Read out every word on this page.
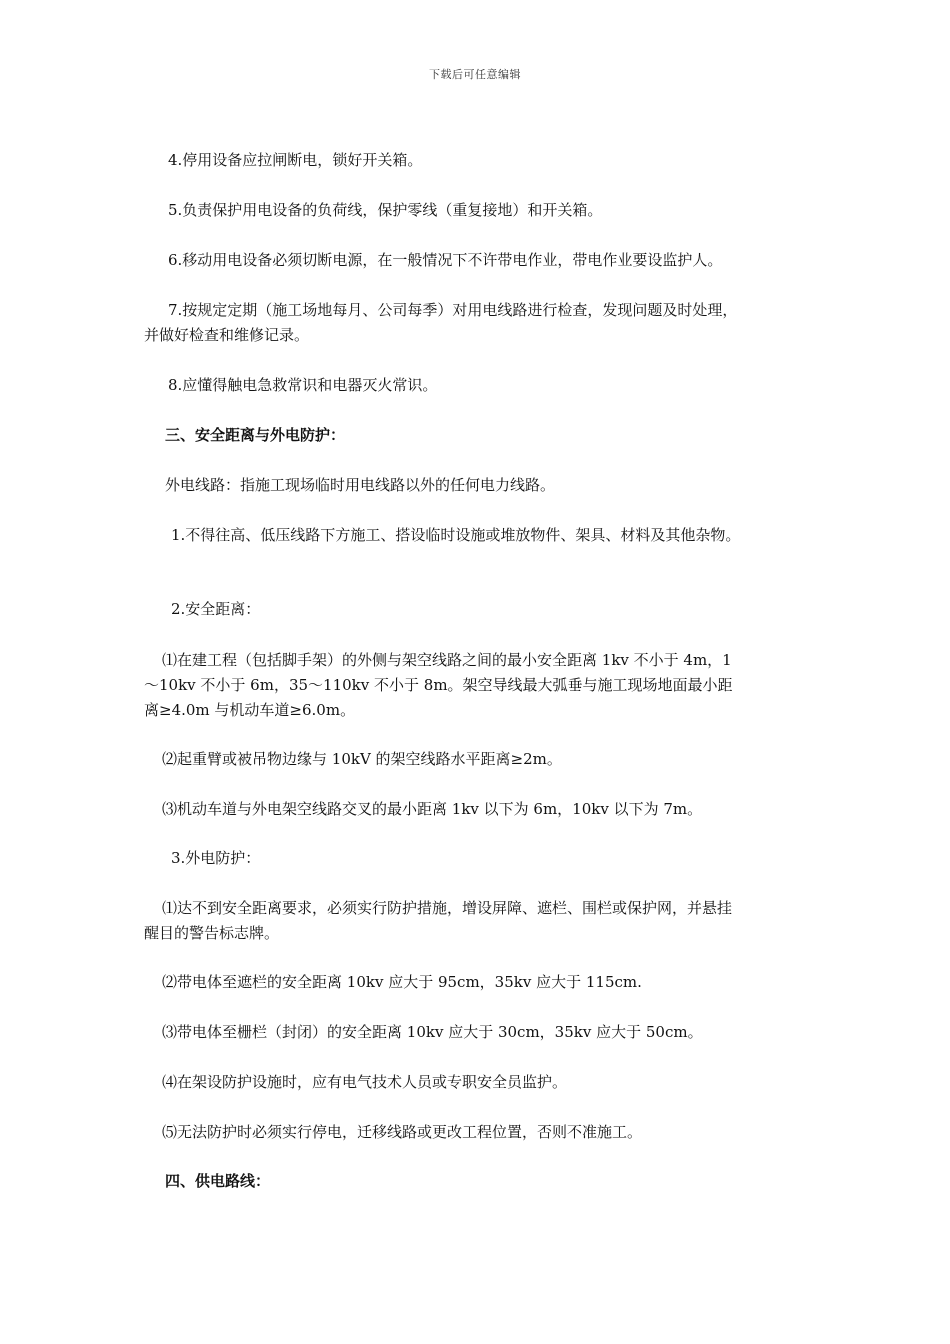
下载后可任意编辑
4.停用设备应拉闸断电，锁好开关箱。
5.负责保护用电设备的负荷线，保护零线（重复接地）和开关箱。
6.移动用电设备必须切断电源，在一般情况下不许带电作业，带电作业要设监护人。
7.按规定定期（施工场地每月、公司每季）对用电线路进行检查，发现问题及时处理，
并做好检查和维修记录。
8.应懂得触电急救常识和电器灭火常识。
三、安全距离与外电防护：
外电线路：指施工现场临时用电线路以外的任何电力线路。
1.不得往高、低压线路下方施工、搭设临时设施或堆放物件、架具、材料及其他杂物。
2.安全距离：
⑴在建工程（包括脚手架）的外侧与架空线路之间的最小安全距离 1kv 不小于 4m，1
～10kv 不小于 6m，35～110kv 不小于 8m。架空导线最大弧垂与施工现场地面最小距
离≥4.0m 与机动车道≥6.0m。
⑵起重臂或被吊物边缘与 10kV 的架空线路水平距离≥2m。
⑶机动车道与外电架空线路交叉的最小距离 1kv 以下为 6m，10kv 以下为 7m。
3.外电防护：
⑴达不到安全距离要求，必须实行防护措施，增设屏障、遮栏、围栏或保护网，并悬挂
醒目的警告标志牌。
⑵带电体至遮栏的安全距离 10kv 应大于 95cm，35kv 应大于 115cm.
⑶带电体至栅栏（封闭）的安全距离 10kv 应大于 30cm，35kv 应大于 50cm。
⑷在架设防护设施时，应有电气技术人员或专职安全员监护。
⑸无法防护时必须实行停电，迁移线路或更改工程位置，否则不准施工。
四、供电路线：
